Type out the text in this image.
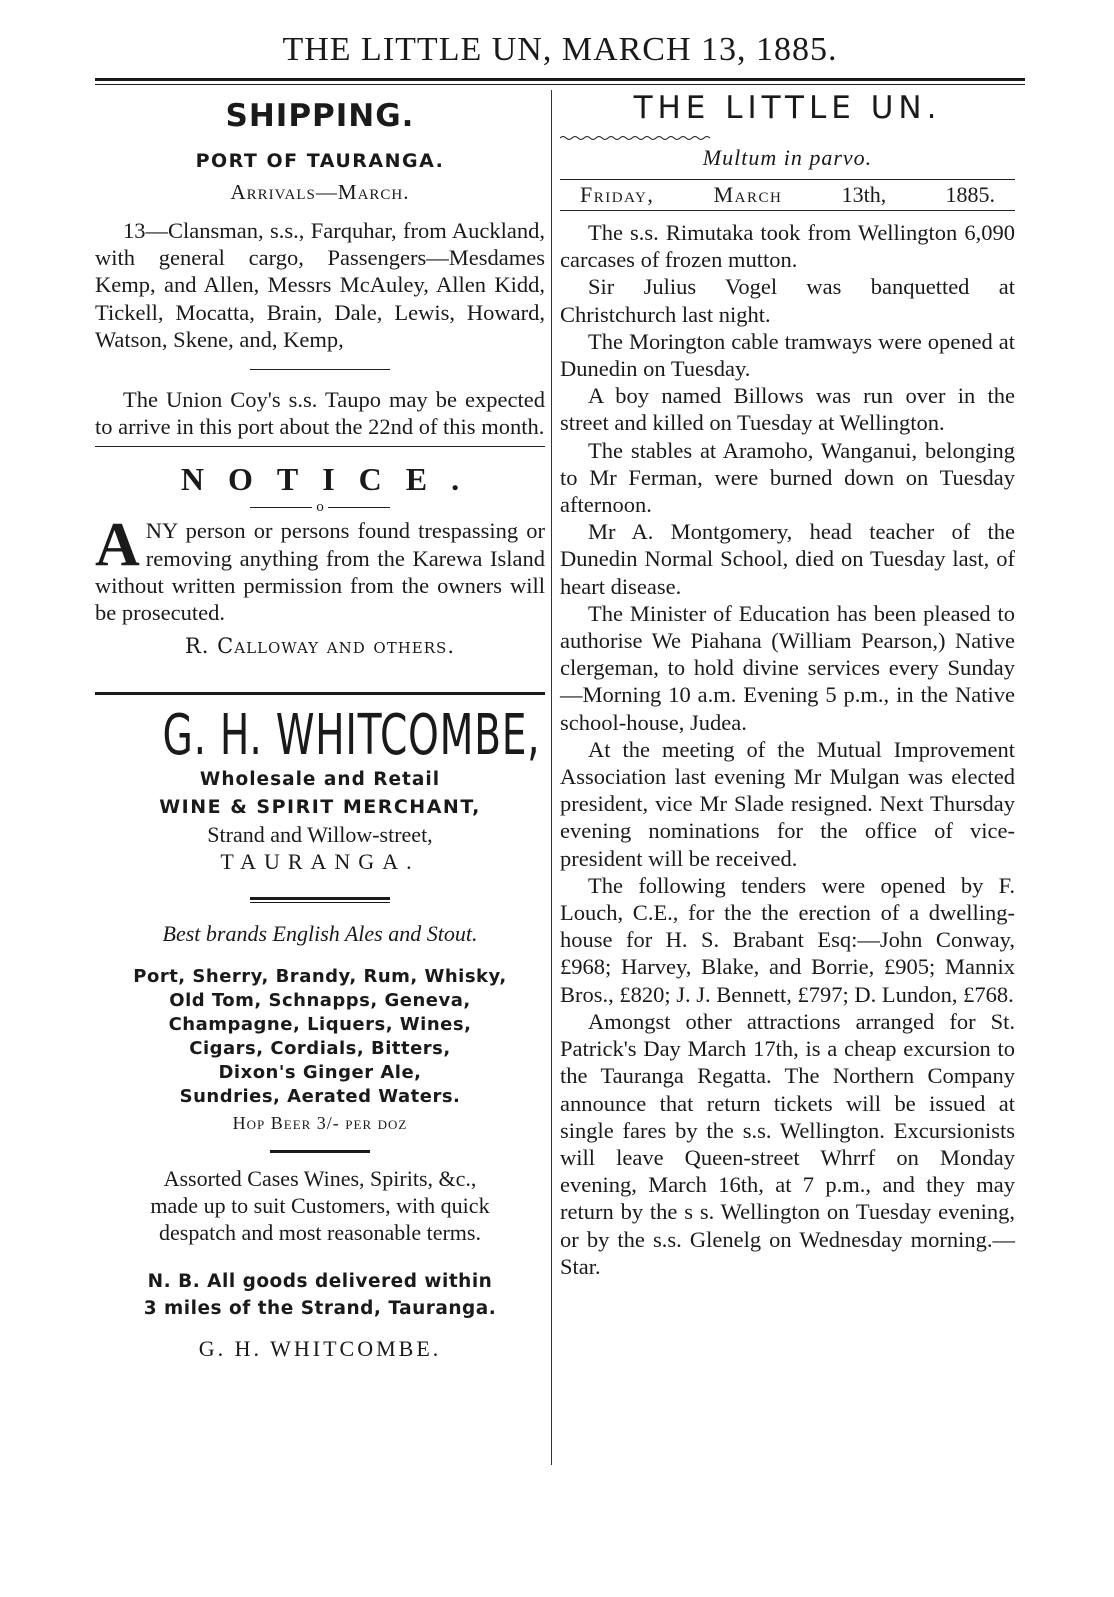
THE LITTLE UN, MARCH 13, 1885.
SHIPPING.
PORT OF TAURANGA.
Arrivals—March.

13—Clansman, s.s., Farquhar, from Auckland, with general cargo, Passengers—Mesdames Kemp, and Allen, Messrs McAuley, Allen Kidd, Tickell, Mocatta, Brain, Dale, Lewis, Howard, Watson, Skene, and, Kemp,

The Union Coy's s.s. Taupo may be expected to arrive in this port about the 22nd of this month.

NOTICE.
o
A NY person or persons found trespassing or removing anything from the Karewa Island without written permission from the owners will be prosecuted.
R. Calloway and others.
G. H. WHITCOMBE,
Wholesale and Retail
WINE & SPIRIT MERCHANT,
Strand and Willow-street,
TAURANGA.
Best brands English Ales and Stout.
Port, Sherry, Brandy, Rum, Whisky,
Old Tom, Schnapps, Geneva,
Champagne, Liquers, Wines,
Cigars, Cordials, Bitters,
Dixon's Ginger Ale,
Sundries, Aerated Waters.
Hop Beer 3/- per doz
Assorted Cases Wines, Spirits, &c.,
made up to suit Customers, with quick
despatch and most reasonable terms.
N. B. All goods delivered within
3 miles of the Strand, Tauranga.
G. H. WHITCOMBE.
THE LITTLE UN.
Multum in parvo.
Friday,	March	13th,	1885.

The s.s. Rimutaka took from Wellington 6,090 carcases of frozen mutton.

Sir Julius Vogel was banquetted at Christchurch last night.

The Morington cable tramways were opened at Dunedin on Tuesday.

A boy named Billows was run over in the street and killed on Tuesday at Wellington.

The stables at Aramoho, Wanganui, belonging to Mr Ferman, were burned down on Tuesday afternoon.

Mr A. Montgomery, head teacher of the Dunedin Normal School, died on Tuesday last, of heart disease.

The Minister of Education has been pleased to authorise We Piahana (William Pearson,) Native clergeman, to hold divine services every Sunday—Morning 10 a.m. Evening 5 p.m., in the Native school-house, Judea.

At the meeting of the Mutual Improvement Association last evening Mr Mulgan was elected president, vice Mr Slade resigned. Next Thursday evening nominations for the office of vice-president will be received.

The following tenders were opened by F. Louch, C.E., for the the erection of a dwelling-house for H. S. Brabant Esq:—John Conway, £968; Harvey, Blake, and Borrie, £905; Mannix Bros., £820; J. J. Bennett, £797; D. Lundon, £768.

Amongst other attractions arranged for St. Patrick's Day March 17th, is a cheap excursion to the Tauranga Regatta. The Northern Company announce that return tickets will be issued at single fares by the s.s. Wellington. Excursionists will leave Queen-street Whrrf on Monday evening, March 16th, at 7 p.m., and they may return by the s s. Wellington on Tuesday evening, or by the s.s. Glenelg on Wednesday morning.—Star.
